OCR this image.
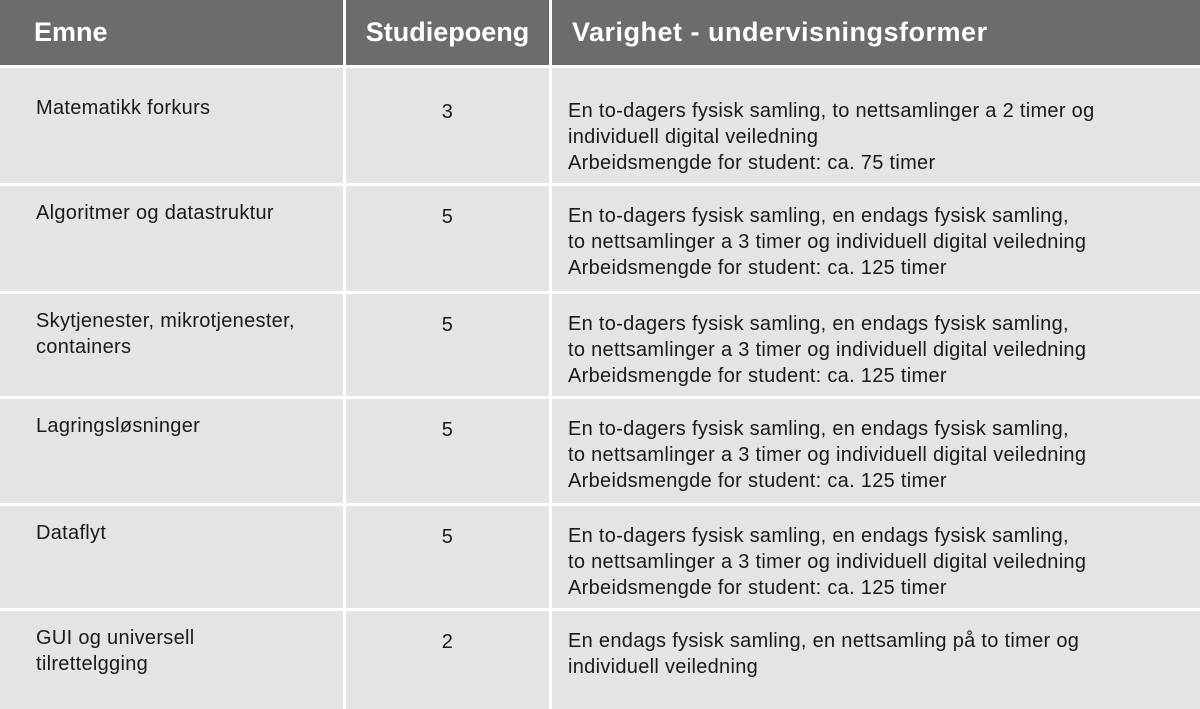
Emne	Studiepoeng	Varighet - undervisningsformer
Matematikk forkurs	3	En to-dagers fysisk samling, to nettsamlinger a 2 timer og
individuell digital veiledning
Arbeidsmengde for student: ca. 75 timer
Algoritmer og datastruktur	5	En to-dagers fysisk samling, en endags fysisk samling,
to nettsamlinger a 3 timer og individuell digital veiledning
Arbeidsmengde for student: ca. 125 timer
Skytjenester, mikrotjenester,
containers
5	En to-dagers fysisk samling, en endags fysisk samling,
to nettsamlinger a 3 timer og individuell digital veiledning
Arbeidsmengde for student: ca. 125 timer
Lagringsløsninger	5	En to-dagers fysisk samling, en endags fysisk samling,
to nettsamlinger a 3 timer og individuell digital veiledning
Arbeidsmengde for student: ca. 125 timer
Dataflyt	5	En to-dagers fysisk samling, en endags fysisk samling,
to nettsamlinger a 3 timer og individuell digital veiledning
Arbeidsmengde for student: ca. 125 timer
GUI og universell
tilrettelgging
2	En endags fysisk samling, en nettsamling på to timer og
individuell veiledning
